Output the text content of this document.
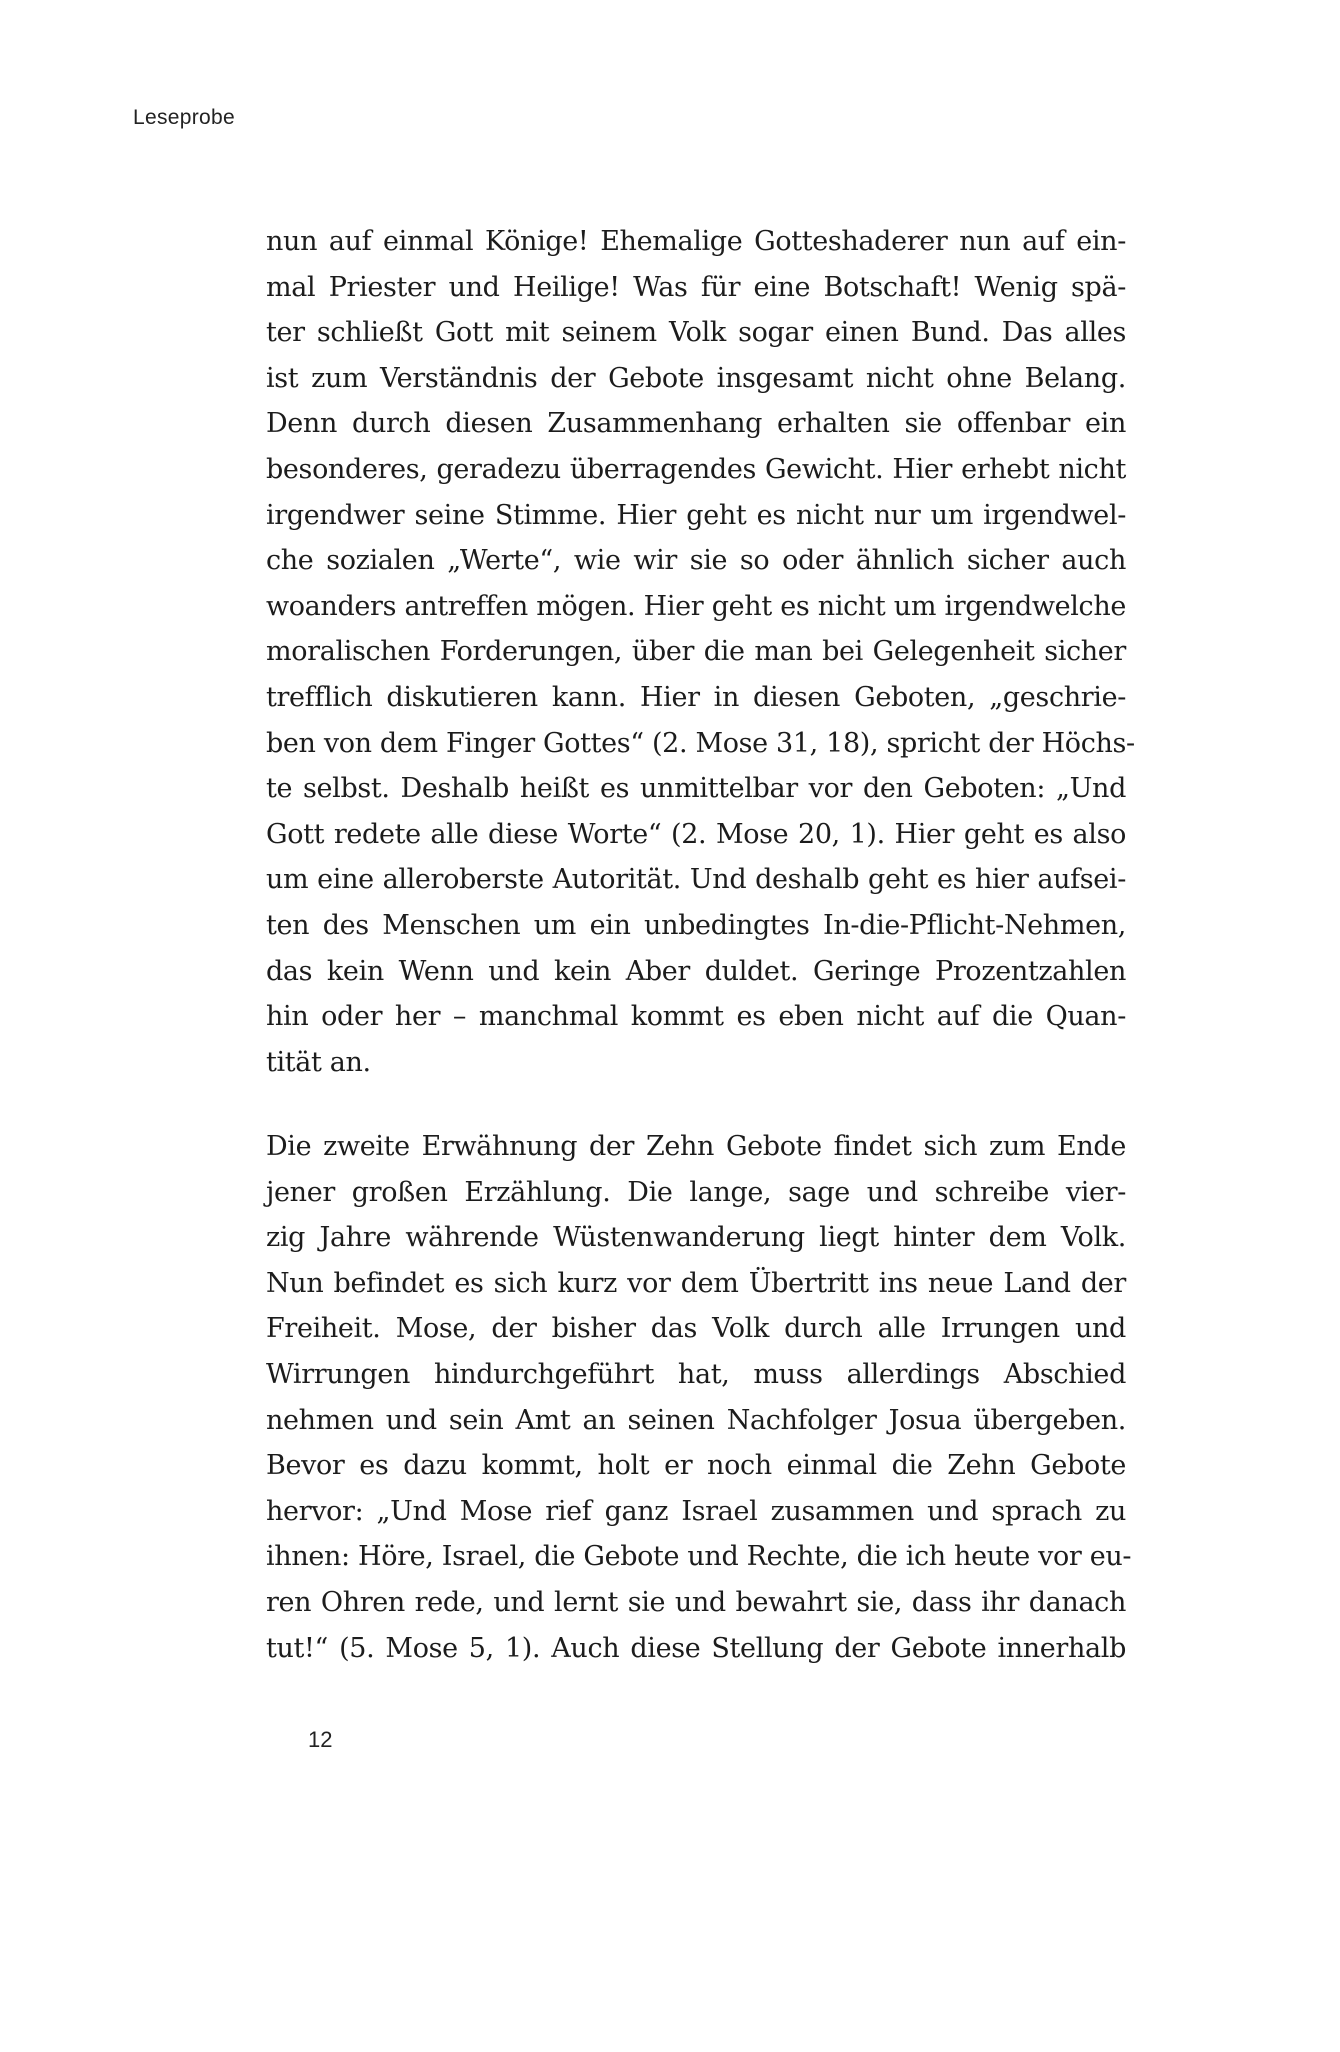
Leseprobe
nun auf einmal Könige! Ehemalige Gotteshaderer nun auf ein-
mal Priester und Heilige! Was für eine Botschaft! Wenig spä-
ter schließt Gott mit seinem Volk sogar einen Bund. Das alles
ist zum Verständnis der Gebote insgesamt nicht ohne Belang.
Denn durch diesen Zusammenhang erhalten sie offenbar ein
besonderes, geradezu überragendes Gewicht. Hier erhebt nicht
irgendwer seine Stimme. Hier geht es nicht nur um irgendwel-
che sozialen „Werte“, wie wir sie so oder ähnlich sicher auch
woanders antreffen mögen. Hier geht es nicht um irgendwelche
moralischen Forderungen, über die man bei Gelegenheit sicher
trefflich diskutieren kann. Hier in diesen Geboten, „geschrie-
ben von dem Finger Gottes“ (2. Mose 31, 18), spricht der Höchs-
te selbst. Deshalb heißt es unmittelbar vor den Geboten: „Und
Gott redete alle diese Worte“ (2. Mose 20, 1). Hier geht es also
um eine alleroberste Autorität. Und deshalb geht es hier aufsei-
ten des Menschen um ein unbedingtes In-die-Pflicht-Nehmen,
das kein Wenn und kein Aber duldet. Geringe Prozentzahlen
hin oder her – manchmal kommt es eben nicht auf die Quan-
tität an.
Die zweite Erwähnung der Zehn Gebote findet sich zum Ende
jener großen Erzählung. Die lange, sage und schreibe vier-
zig Jahre währende Wüstenwanderung liegt hinter dem Volk.
Nun befindet es sich kurz vor dem Übertritt ins neue Land der
Freiheit. Mose, der bisher das Volk durch alle Irrungen und
Wirrungen hindurchgeführt hat, muss allerdings Abschied
nehmen und sein Amt an seinen Nachfolger Josua übergeben.
Bevor es dazu kommt, holt er noch einmal die Zehn Gebote
hervor: „Und Mose rief ganz Israel zusammen und sprach zu
ihnen: Höre, Israel, die Gebote und Rechte, die ich heute vor eu-
ren Ohren rede, und lernt sie und bewahrt sie, dass ihr danach
tut!“ (5. Mose 5, 1). Auch diese Stellung der Gebote innerhalb
12
